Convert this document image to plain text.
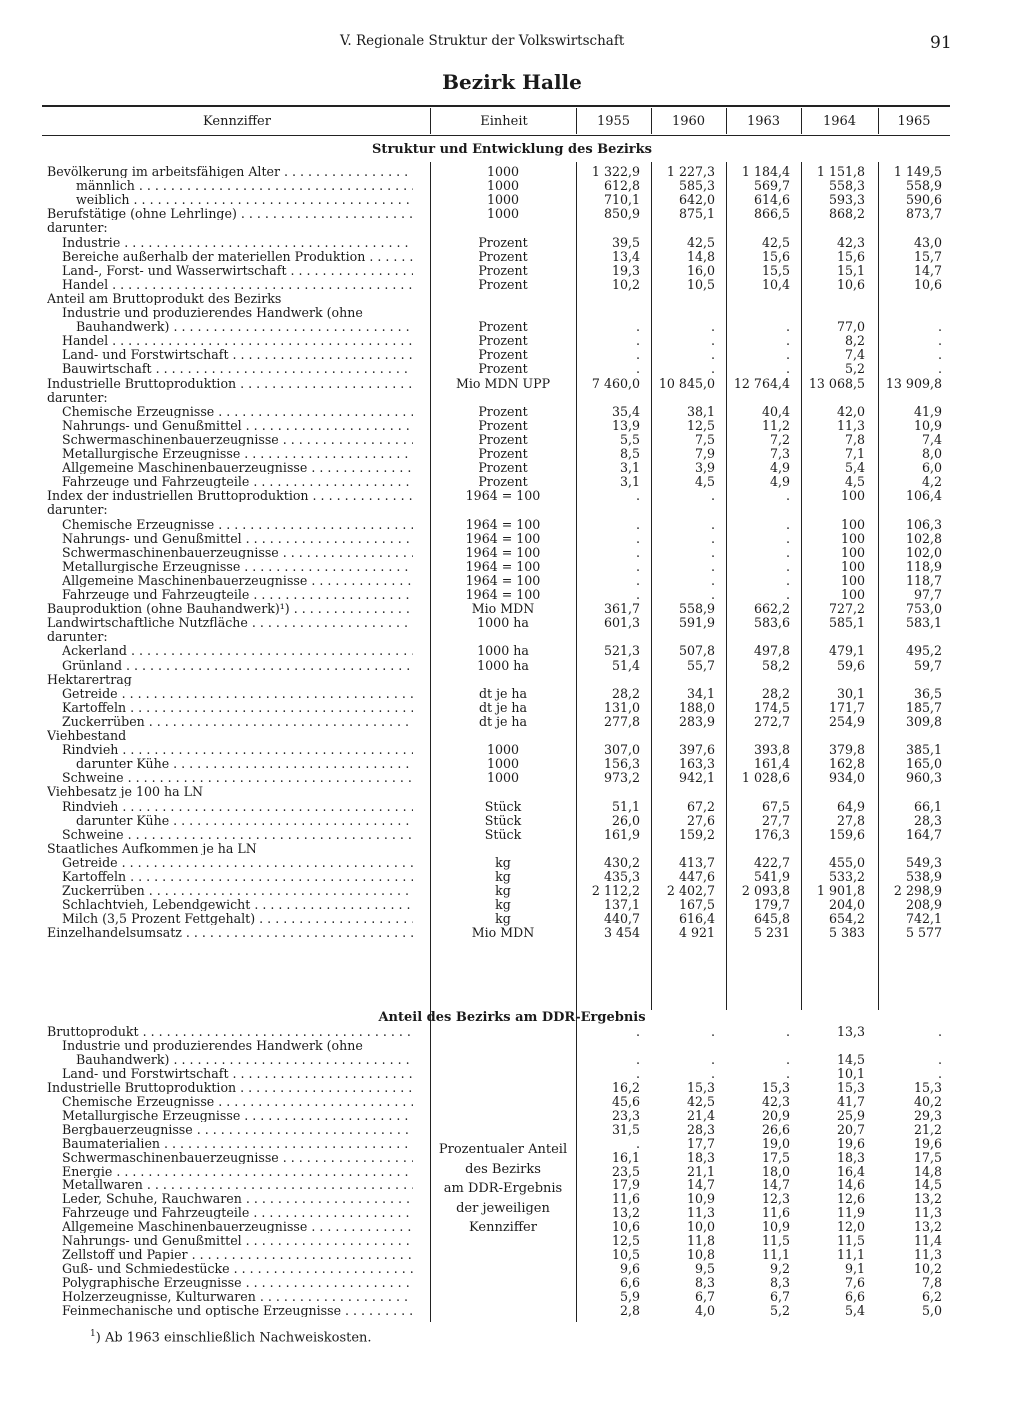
V. Regionale Struktur der Volkswirtschaft	91
Bezirk Halle
Kennziffer	Einheit	1955	1960	1963	1964	1965
Struktur und Entwicklung des Bezirks
Anteil des Bezirks am DDR-Ergebnis
Bevölkerung im arbeitsfähigen Alter . . .	1000	1 322,9	1 227,3	1 184,4	1 151,8	1 149,5
männlich . . .	1000	612,8	585,3	569,7	558,3	558,9
weiblich . . .	1000	710,1	642,0	614,6	593,3	590,6
Berufstätige (ohne Lehrlinge) . . .	1000	850,9	875,1	866,5	868,2	873,7
darunter:
Industrie . . .	Prozent	39,5	42,5	42,5	42,3	43,0
Bereiche außerhalb der materiellen Produktion . . .	Prozent	13,4	14,8	15,6	15,6	15,7
Land-, Forst- und Wasserwirtschaft . . .	Prozent	19,3	16,0	15,5	15,1	14,7
Handel . . .	Prozent	10,2	10,5	10,4	10,6	10,6
Anteil am Bruttoprodukt des Bezirks
Industrie und produzierendes Handwerk (ohne
Bauhandwerk) . . .	Prozent	.	.	.	77,0	.
Handel . . .	Prozent	.	.	.	8,2	.
Land- und Forstwirtschaft . . .	Prozent	.	.	.	7,4	.
Bauwirtschaft . . .	Prozent	.	.	.	5,2	.
Industrielle Bruttoproduktion . . .	Mio MDN UPP	7 460,0	10 845,0	12 764,4	13 068,5	13 909,8
darunter:
Chemische Erzeugnisse . . .	Prozent	35,4	38,1	40,4	42,0	41,9
Nahrungs- und Genußmittel . . .	Prozent	13,9	12,5	11,2	11,3	10,9
Schwermaschinenbauerzeugnisse . . .	Prozent	5,5	7,5	7,2	7,8	7,4
Metallurgische Erzeugnisse . . .	Prozent	8,5	7,9	7,3	7,1	8,0
Allgemeine Maschinenbauerzeugnisse . . .	Prozent	3,1	3,9	4,9	5,4	6,0
Fahrzeuge und Fahrzeugteile . . .	Prozent	3,1	4,5	4,9	4,5	4,2
Index der industriellen Bruttoproduktion . . .	1964 = 100	.	.	.	100	106,4
darunter:
Chemische Erzeugnisse . . .	1964 = 100	.	.	.	100	106,3
Nahrungs- und Genußmittel . . .	1964 = 100	.	.	.	100	102,8
Schwermaschinenbauerzeugnisse . . .	1964 = 100	.	.	.	100	102,0
Metallurgische Erzeugnisse . . .	1964 = 100	.	.	.	100	118,9
Allgemeine Maschinenbauerzeugnisse . . .	1964 = 100	.	.	.	100	118,7
Fahrzeuge und Fahrzeugteile . . .	1964 = 100	.	.	.	100	97,7
Bauproduktion (ohne Bauhandwerk)¹) . . .	Mio MDN	361,7	558,9	662,2	727,2	753,0
Landwirtschaftliche Nutzfläche . . .	1000 ha	601,3	591,9	583,6	585,1	583,1
darunter:
Ackerland . . .	1000 ha	521,3	507,8	497,8	479,1	495,2
Grünland . . .	1000 ha	51,4	55,7	58,2	59,6	59,7
Hektarertrag
Getreide . . .	dt je ha	28,2	34,1	28,2	30,1	36,5
Kartoffeln . . .	dt je ha	131,0	188,0	174,5	171,7	185,7
Zuckerrüben . . .	dt je ha	277,8	283,9	272,7	254,9	309,8
Viehbestand
Rindvieh . . .	1000	307,0	397,6	393,8	379,8	385,1
darunter Kühe . . .	1000	156,3	163,3	161,4	162,8	165,0
Schweine . . .	1000	973,2	942,1	1 028,6	934,0	960,3
Viehbesatz je 100 ha LN
Rindvieh . . .	Stück	51,1	67,2	67,5	64,9	66,1
darunter Kühe . . .	Stück	26,0	27,6	27,7	27,8	28,3
Schweine . . .	Stück	161,9	159,2	176,3	159,6	164,7
Staatliches Aufkommen je ha LN
Getreide . . .	kg	430,2	413,7	422,7	455,0	549,3
Kartoffeln . . .	kg	435,3	447,6	541,9	533,2	538,9
Zuckerrüben . . .	kg	2 112,2	2 402,7	2 093,8	1 901,8	2 298,9
Schlachtvieh, Lebendgewicht . . .	kg	137,1	167,5	179,7	204,0	208,9
Milch (3,5 Prozent Fettgehalt) . . .	kg	440,7	616,4	645,8	654,2	742,1
Einzelhandelsumsatz . . .	Mio MDN	3 454	4 921	5 231	5 383	5 577
Bruttoprodukt . . .	.	.	.	13,3	.
Industrie und produzierendes Handwerk (ohne
Bauhandwerk) . . .	.	.	.	14,5	.
Land- und Forstwirtschaft . . .	.	.	.	10,1	.
Industrielle Bruttoproduktion . . .	16,2	15,3	15,3	15,3	15,3
Chemische Erzeugnisse . . .	45,6	42,5	42,3	41,7	40,2
Metallurgische Erzeugnisse . . .	23,3	21,4	20,9	25,9	29,3
Bergbauerzeugnisse . . .	31,5	28,3	26,6	20,7	21,2
Baumaterialien . . .	.	17,7	19,0	19,6	19,6
Schwermaschinenbauerzeugnisse . . .	16,1	18,3	17,5	18,3	17,5
Energie . . .	23,5	21,1	18,0	16,4	14,8
Metallwaren . . .	17,9	14,7	14,7	14,6	14,5
Leder, Schuhe, Rauchwaren . . .	11,6	10,9	12,3	12,6	13,2
Fahrzeuge und Fahrzeugteile . . .	13,2	11,3	11,6	11,9	11,3
Allgemeine Maschinenbauerzeugnisse . . .	10,6	10,0	10,9	12,0	13,2
Nahrungs- und Genußmittel . . .	12,5	11,8	11,5	11,5	11,4
Zellstoff und Papier . . .	10,5	10,8	11,1	11,1	11,3
Guß- und Schmiedestücke . . .	9,6	9,5	9,2	9,1	10,2
Polygraphische Erzeugnisse . . .	6,6	8,3	8,3	7,6	7,8
Holzerzeugnisse, Kulturwaren . . .	5,9	6,7	6,7	6,6	6,2
Feinmechanische und optische Erzeugnisse . . .	2,8	4,0	5,2	5,4	5,0
Prozentualer Anteil
des Bezirks
am DDR-Ergebnis
der jeweiligen
Kennziffer
$^1$) Ab 1963 einschließlich Nachweiskosten.
